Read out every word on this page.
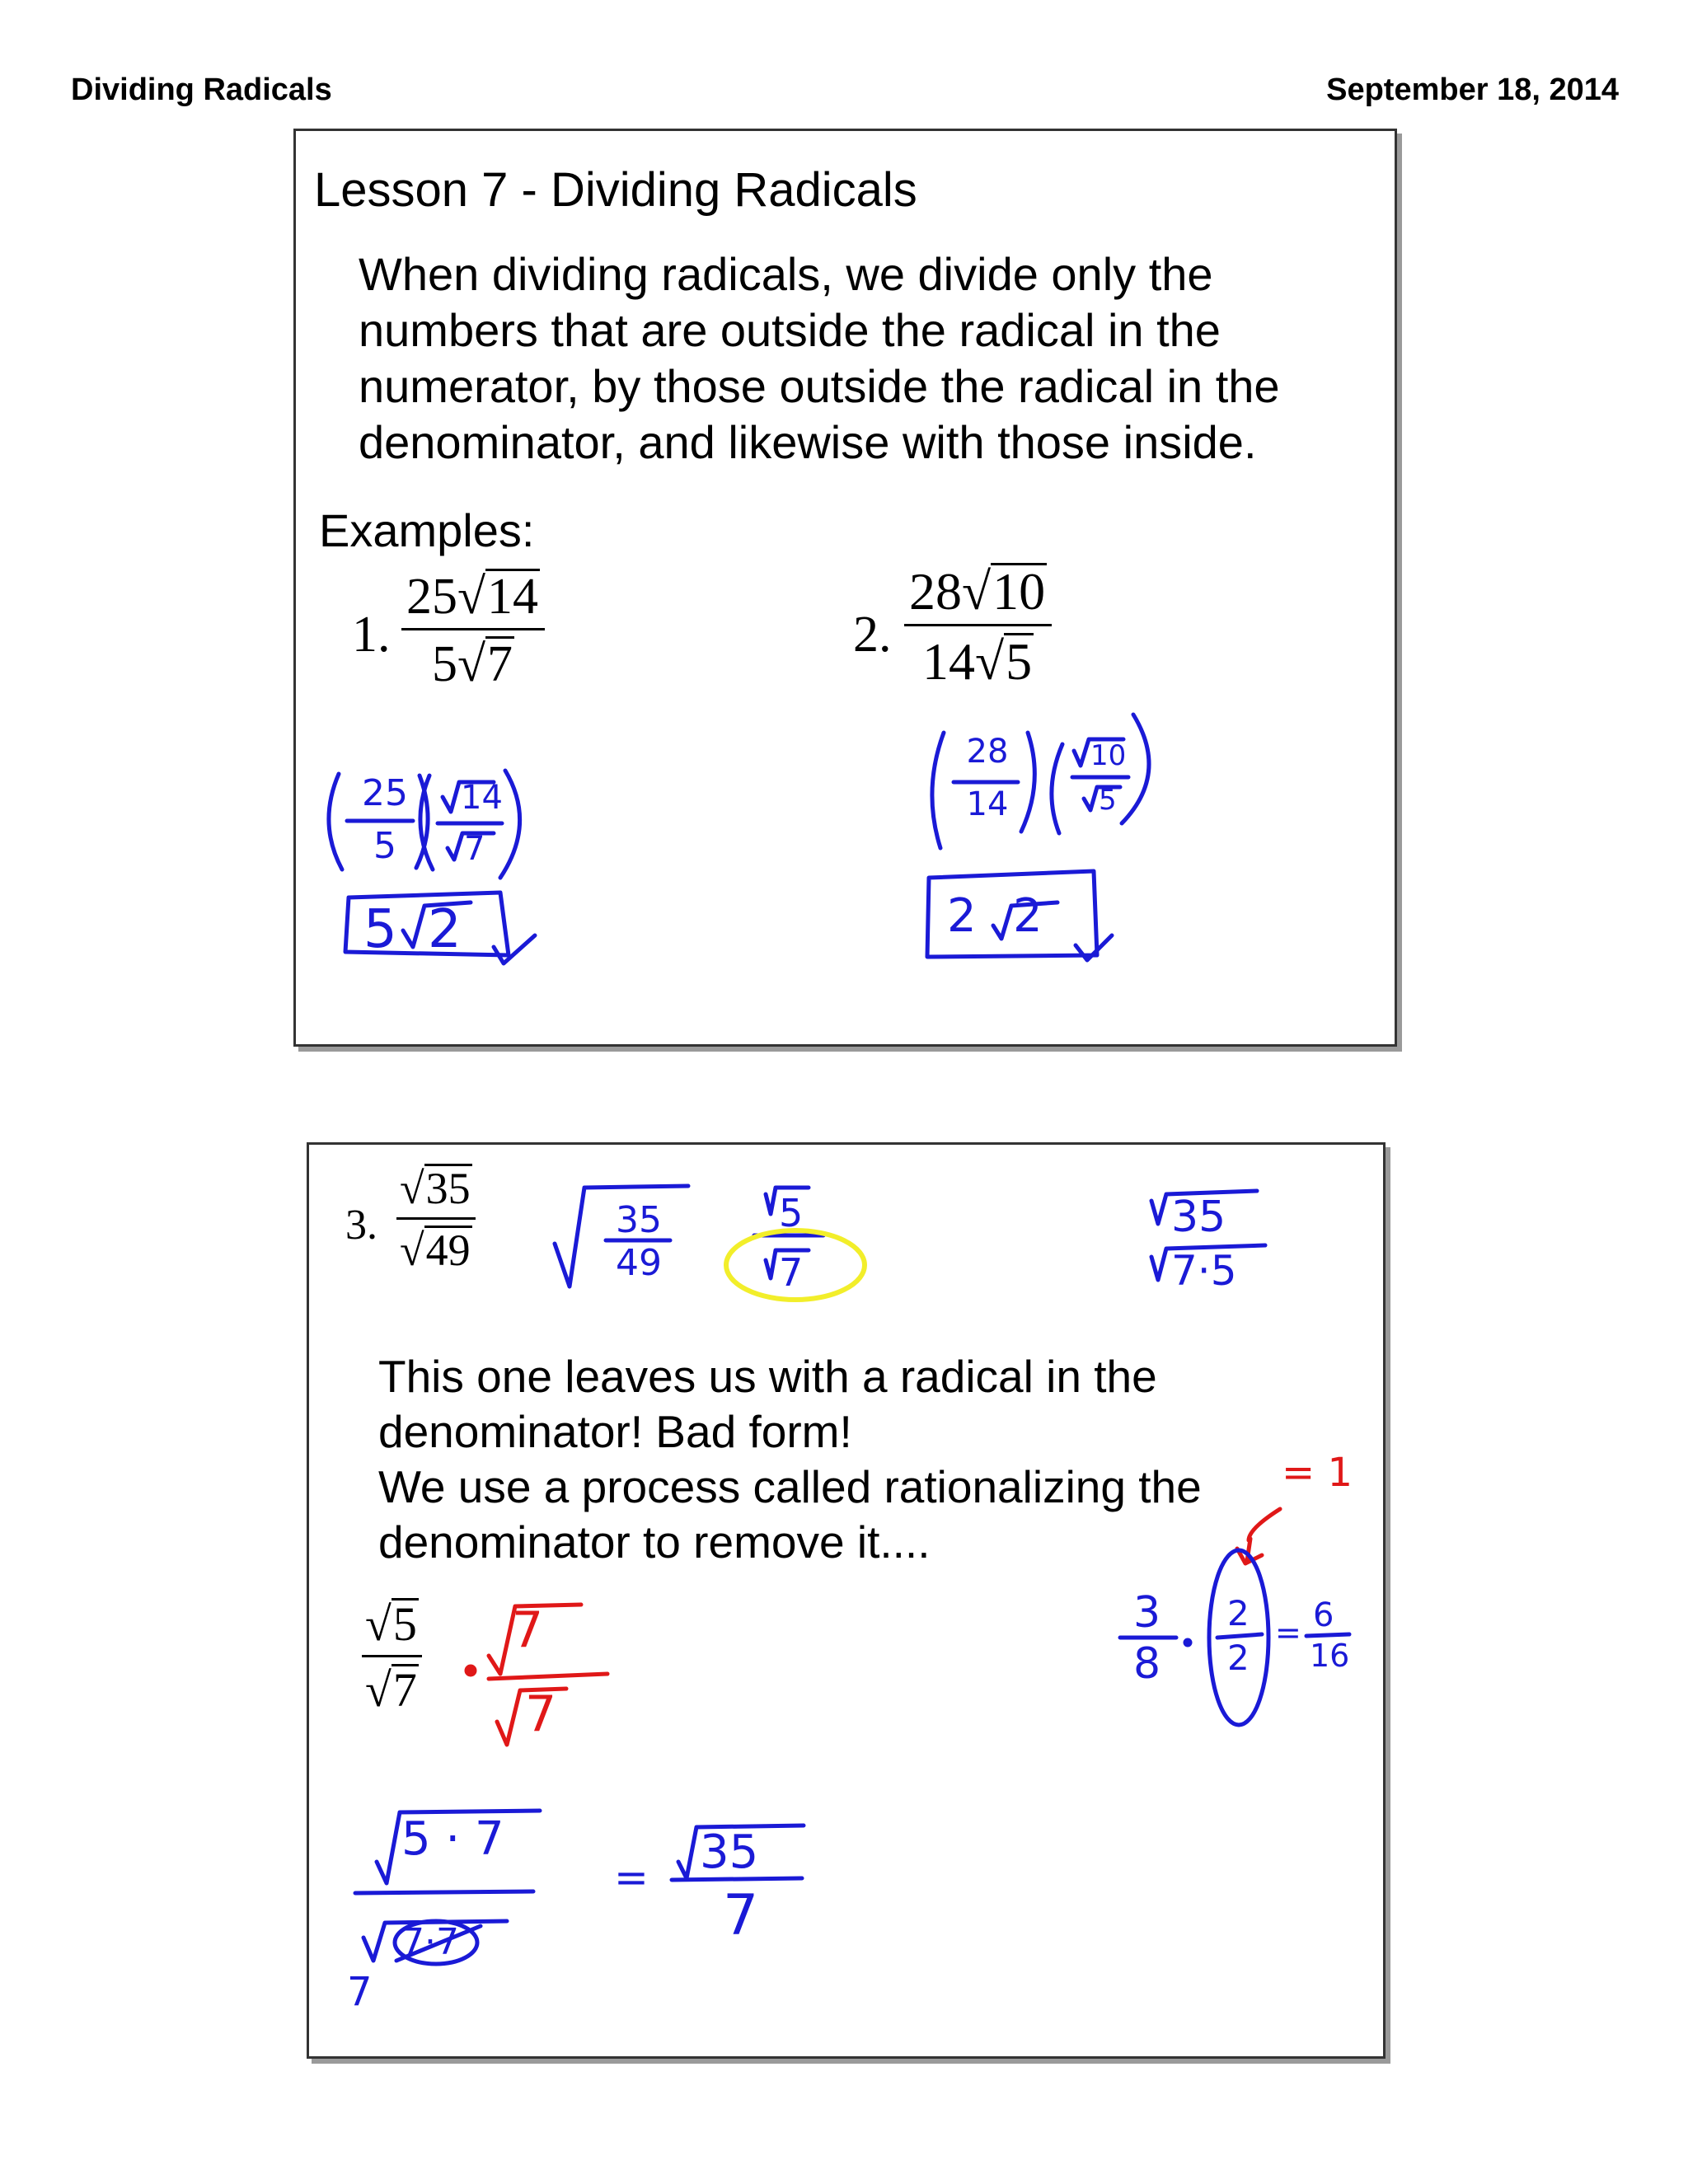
Dividing Radicals	September 18, 2014
Lesson 7 - Dividing Radicals
When dividing radicals, we divide only the
numbers that are outside the radical in the
numerator, by those outside the radical in the
denominator, and likewise with those inside.
Examples:
1.
25√14
5√7
2.
28√10
14√5
25
5
14
7
5 2
28
14
10
5
2 2
3.
√35
√49
35
49
5
7
35
7·5
This one leaves us with a radical in the
denominator! Bad form!
We use a process called rationalizing the
denominator to remove it....
√5
√7
7
7
= 1
3
8
2
2
= 6
16
5 · 7
7·7
7
= 35
7
